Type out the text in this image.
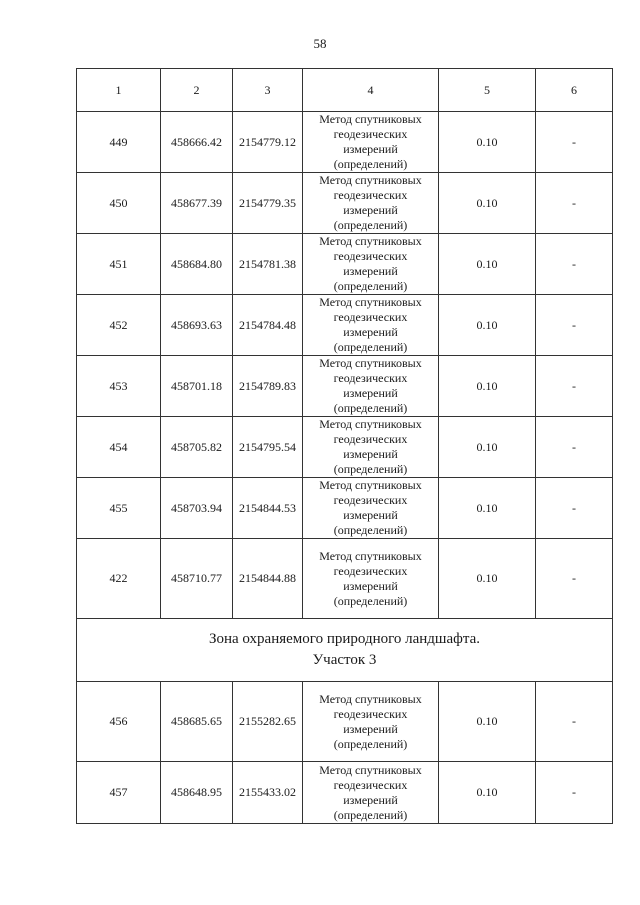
58
1	2	3	4	5	6
449	458666.42	2154779.12	Метод спутниковых
геодезических
измерений
(определений)	0.10	-
450	458677.39	2154779.35	Метод спутниковых
геодезических
измерений
(определений)	0.10	-
451	458684.80	2154781.38	Метод спутниковых
геодезических
измерений
(определений)	0.10	-
452	458693.63	2154784.48	Метод спутниковых
геодезических
измерений
(определений)	0.10	-
453	458701.18	2154789.83	Метод спутниковых
геодезических
измерений
(определений)	0.10	-
454	458705.82	2154795.54	Метод спутниковых
геодезических
измерений
(определений)	0.10	-
455	458703.94	2154844.53	Метод спутниковых
геодезических
измерений
(определений)	0.10	-
422	458710.77	2154844.88	Метод спутниковых
геодезических
измерений
(определений)	0.10	-

Зона охраняемого природного ландшафта.
Участок 3					

456	458685.65	2155282.65	Метод спутниковых
геодезических
измерений
(определений)	0.10	-
457	458648.95	2155433.02	Метод спутниковых
геодезических
измерений
(определений)	0.10	-
